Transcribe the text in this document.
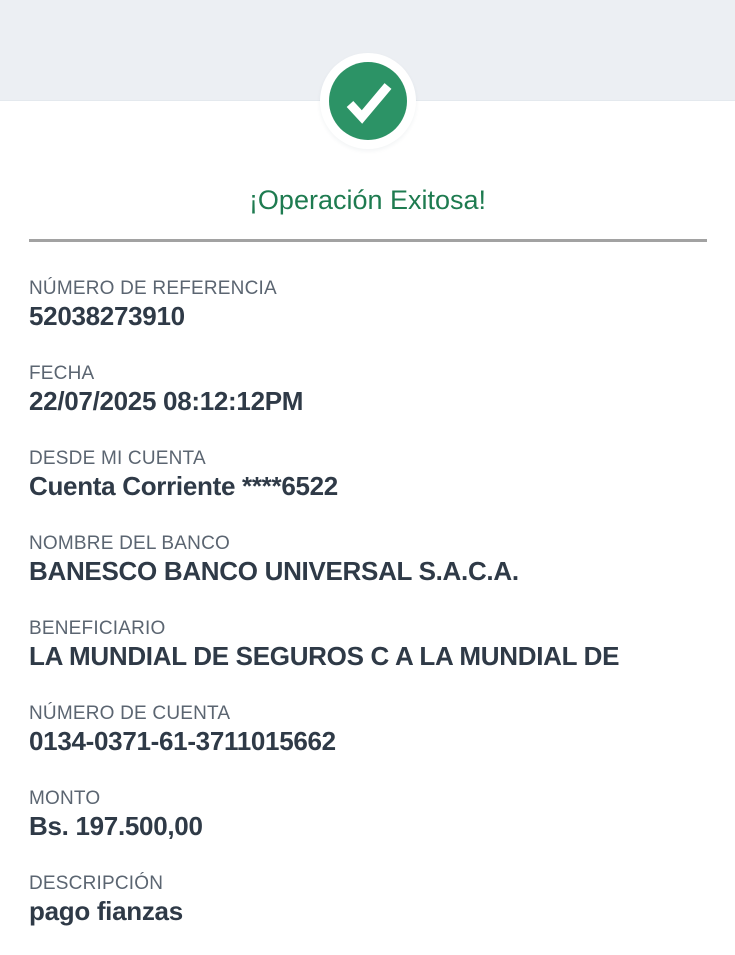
¡Operación Exitosa!
NÚMERO DE REFERENCIA
52038273910
FECHA
22/07/2025 08:12:12PM
DESDE MI CUENTA
Cuenta Corriente ****6522
NOMBRE DEL BANCO
BANESCO BANCO UNIVERSAL S.A.C.A.
BENEFICIARIO
LA MUNDIAL DE SEGUROS C A LA MUNDIAL DE
NÚMERO DE CUENTA
0134-0371-61-3711015662
MONTO
Bs. 197.500,00
DESCRIPCIÓN
pago fianzas
